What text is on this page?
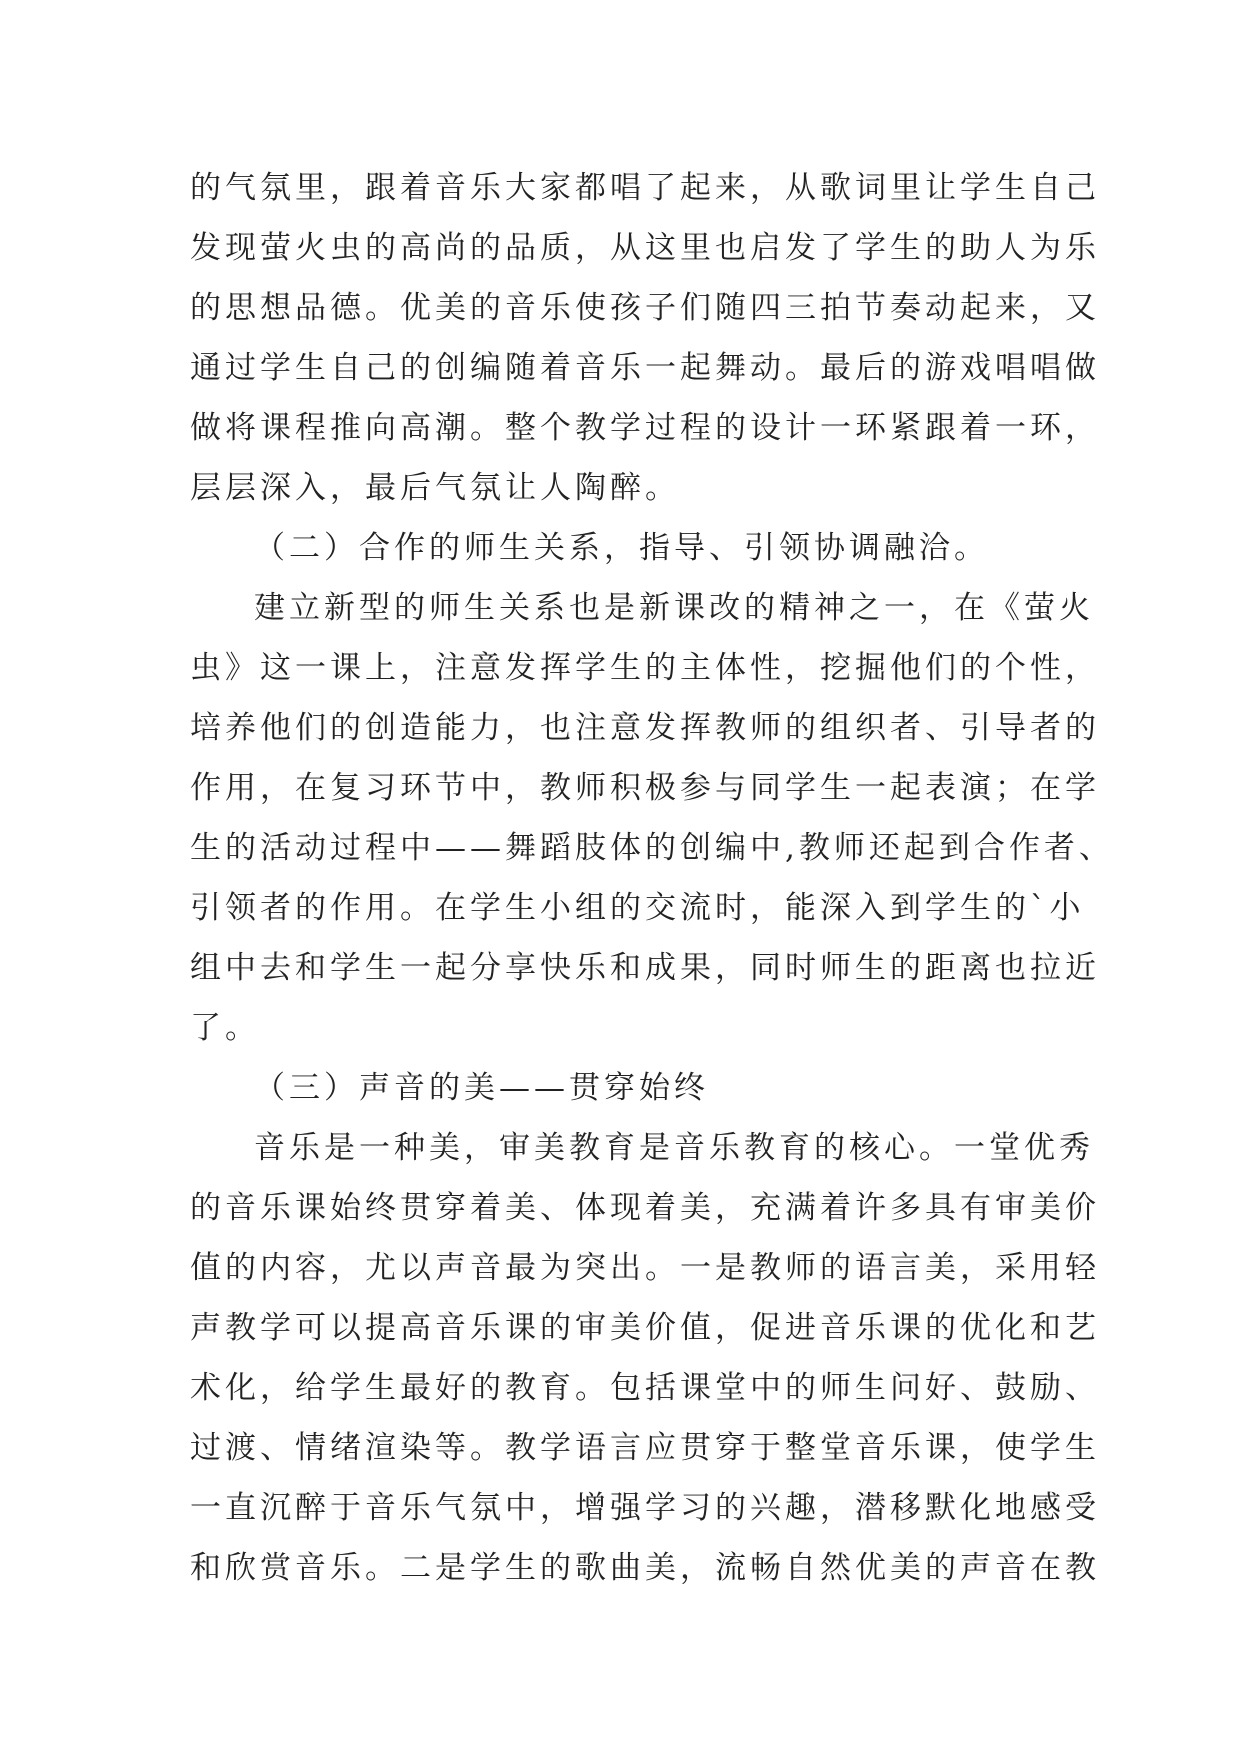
的气氛里，跟着音乐大家都唱了起来，从歌词里让学生自己
发现萤火虫的高尚的品质，从这里也启发了学生的助人为乐
的思想品德。优美的音乐使孩子们随四三拍节奏动起来，又
通过学生自己的创编随着音乐一起舞动。最后的游戏唱唱做
做将课程推向高潮。整个教学过程的设计一环紧跟着一环，
层层深入，最后气氛让人陶醉。
（二）合作的师生关系，指导、引领协调融洽。
建立新型的师生关系也是新课改的精神之一，在《萤火
虫》这一课上，注意发挥学生的主体性，挖掘他们的个性，
培养他们的创造能力，也注意发挥教师的组织者、引导者的
作用，在复习环节中，教师积极参与同学生一起表演；在学
生的活动过程中——舞蹈肢体的创编中,教师还起到合作者、
引领者的作用。在学生小组的交流时，能深入到学生的`小
组中去和学生一起分享快乐和成果，同时师生的距离也拉近
了。
（三）声音的美——贯穿始终
音乐是一种美，审美教育是音乐教育的核心。一堂优秀
的音乐课始终贯穿着美、体现着美，充满着许多具有审美价
值的内容，尤以声音最为突出。一是教师的语言美，采用轻
声教学可以提高音乐课的审美价值，促进音乐课的优化和艺
术化，给学生最好的教育。包括课堂中的师生问好、鼓励、
过渡、情绪渲染等。教学语言应贯穿于整堂音乐课，使学生
一直沉醉于音乐气氛中，增强学习的兴趣，潜移默化地感受
和欣赏音乐。二是学生的歌曲美，流畅自然优美的声音在教
